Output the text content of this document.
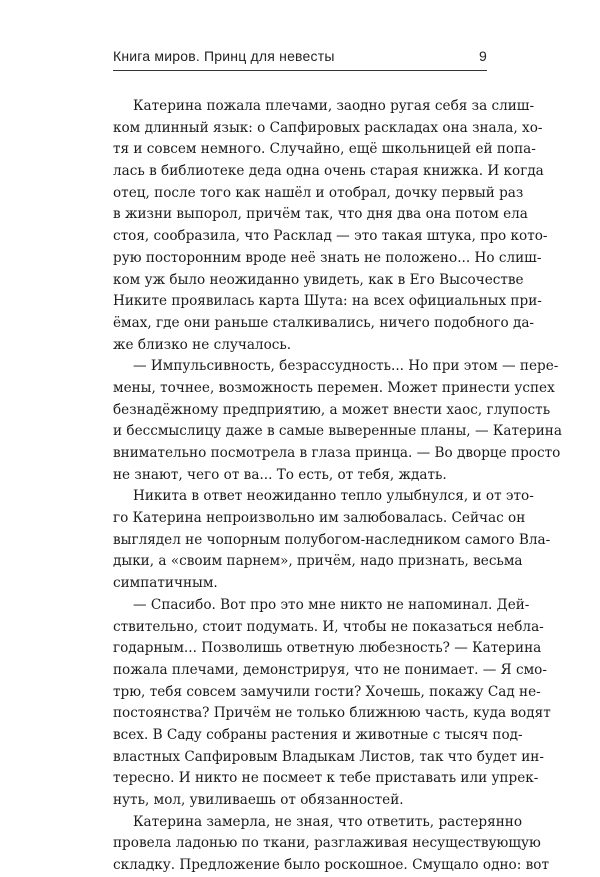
Книга миров. Принц для невесты	9
Катерина пожала плечами, заодно ругая себя за слиш-
ком длинный язык: о Сапфировых раскладах она знала, хо-
тя и совсем немного. Случайно, ещё школьницей ей попа-
лась в библиотеке деда одна очень старая книжка. И когда
отец, после того как нашёл и отобрал, дочку первый раз
в жизни выпорол, причём так, что дня два она потом ела
стоя, сообразила, что Расклад — это такая штука, про кото-
рую посторонним вроде неё знать не положено... Но слиш-
ком уж было неожиданно увидеть, как в Его Высочестве
Никите проявилась карта Шута: на всех официальных при-
ёмах, где они раньше сталкивались, ничего подобного да-
же близко не случалось.
— Импульсивность, безрассудность... Но при этом — пере-
мены, точнее, возможность перемен. Может принести успех
безнадёжному предприятию, а может внести хаос, глупость
и бессмыслицу даже в самые выверенные планы, — Катерина
внимательно посмотрела в глаза принца. — Во дворце просто
не знают, чего от ва... То есть, от тебя, ждать.
Никита в ответ неожиданно тепло улыбнулся, и от это-
го Катерина непроизвольно им залюбовалась. Сейчас он
выглядел не чопорным полубогом-наследником самого Вла-
дыки, а «своим парнем», причём, надо признать, весьма
симпатичным.
— Спасибо. Вот про это мне никто не напоминал. Дей-
ствительно, стоит подумать. И, чтобы не показаться небла-
годарным... Позволишь ответную любезность? — Катерина
пожала плечами, демонстрируя, что не понимает. — Я смо-
трю, тебя совсем замучили гости? Хочешь, покажу Сад не-
постоянства? Причём не только ближнюю часть, куда водят
всех. В Саду собраны растения и животные с тысяч под-
властных Сапфировым Владыкам Листов, так что будет ин-
тересно. И никто не посмеет к тебе приставать или упрек-
нуть, мол, увиливаешь от обязанностей.
Катерина замерла, не зная, что ответить, растерянно
провела ладонью по ткани, разглаживая несуществующую
складку. Предложение было роскошное. Смущало одно: вот
